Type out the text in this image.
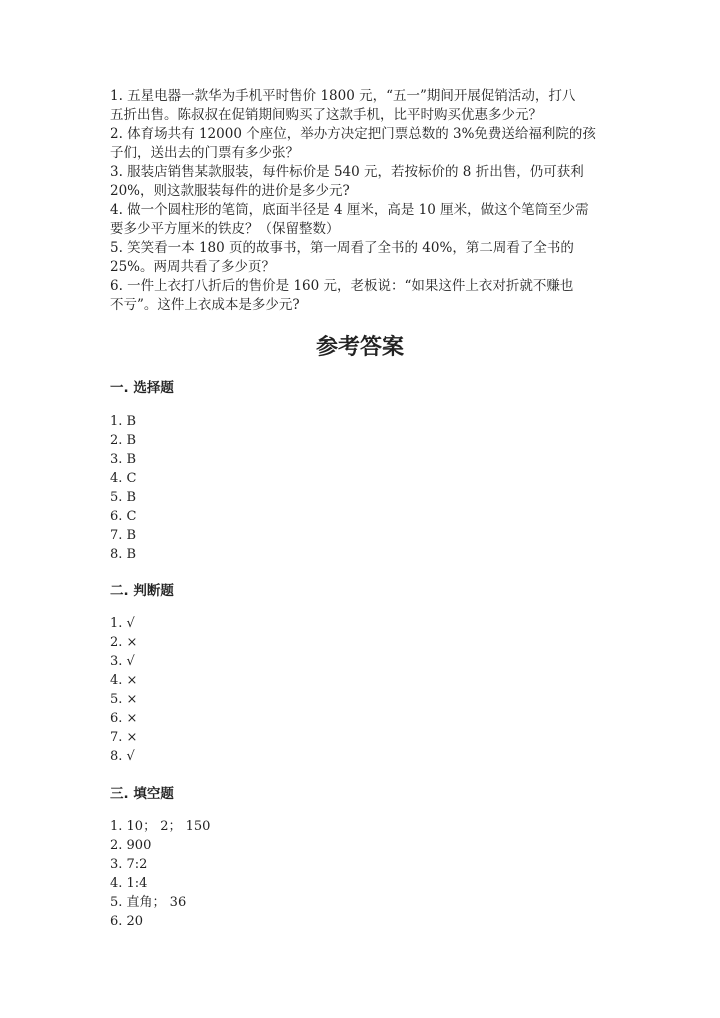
1. 五星电器一款华为手机平时售价 1800 元，“五一”期间开展促销活动，打八
五折出售。陈叔叔在促销期间购买了这款手机，比平时购买优惠多少元？
2. 体育场共有 12000 个座位，举办方决定把门票总数的 3%免费送给福利院的孩
子们，送出去的门票有多少张？
3. 服装店销售某款服装，每件标价是 540 元，若按标价的 8 折出售，仍可获利
20%，则这款服装每件的进价是多少元?
4. 做一个圆柱形的笔筒，底面半径是 4 厘米，高是 10 厘米，做这个笔筒至少需
要多少平方厘米的铁皮？（保留整数）
5. 笑笑看一本 180 页的故事书，第一周看了全书的 40%，第二周看了全书的
25%。两周共看了多少页？
6. 一件上衣打八折后的售价是 160 元，老板说：“如果这件上衣对折就不赚也
不亏”。这件上衣成本是多少元?
参考答案
一. 选择题
1. B
2. B
3. B
4. C
5. B
6. C
7. B
8. B
二. 判断题
1. √
2. ×
3. √
4. ×
5. ×
6. ×
7. ×
8. √
三. 填空题
1. 10； 2； 150
2. 900
3. 7:2
4. 1:4
5. 直角； 36
6. 20
